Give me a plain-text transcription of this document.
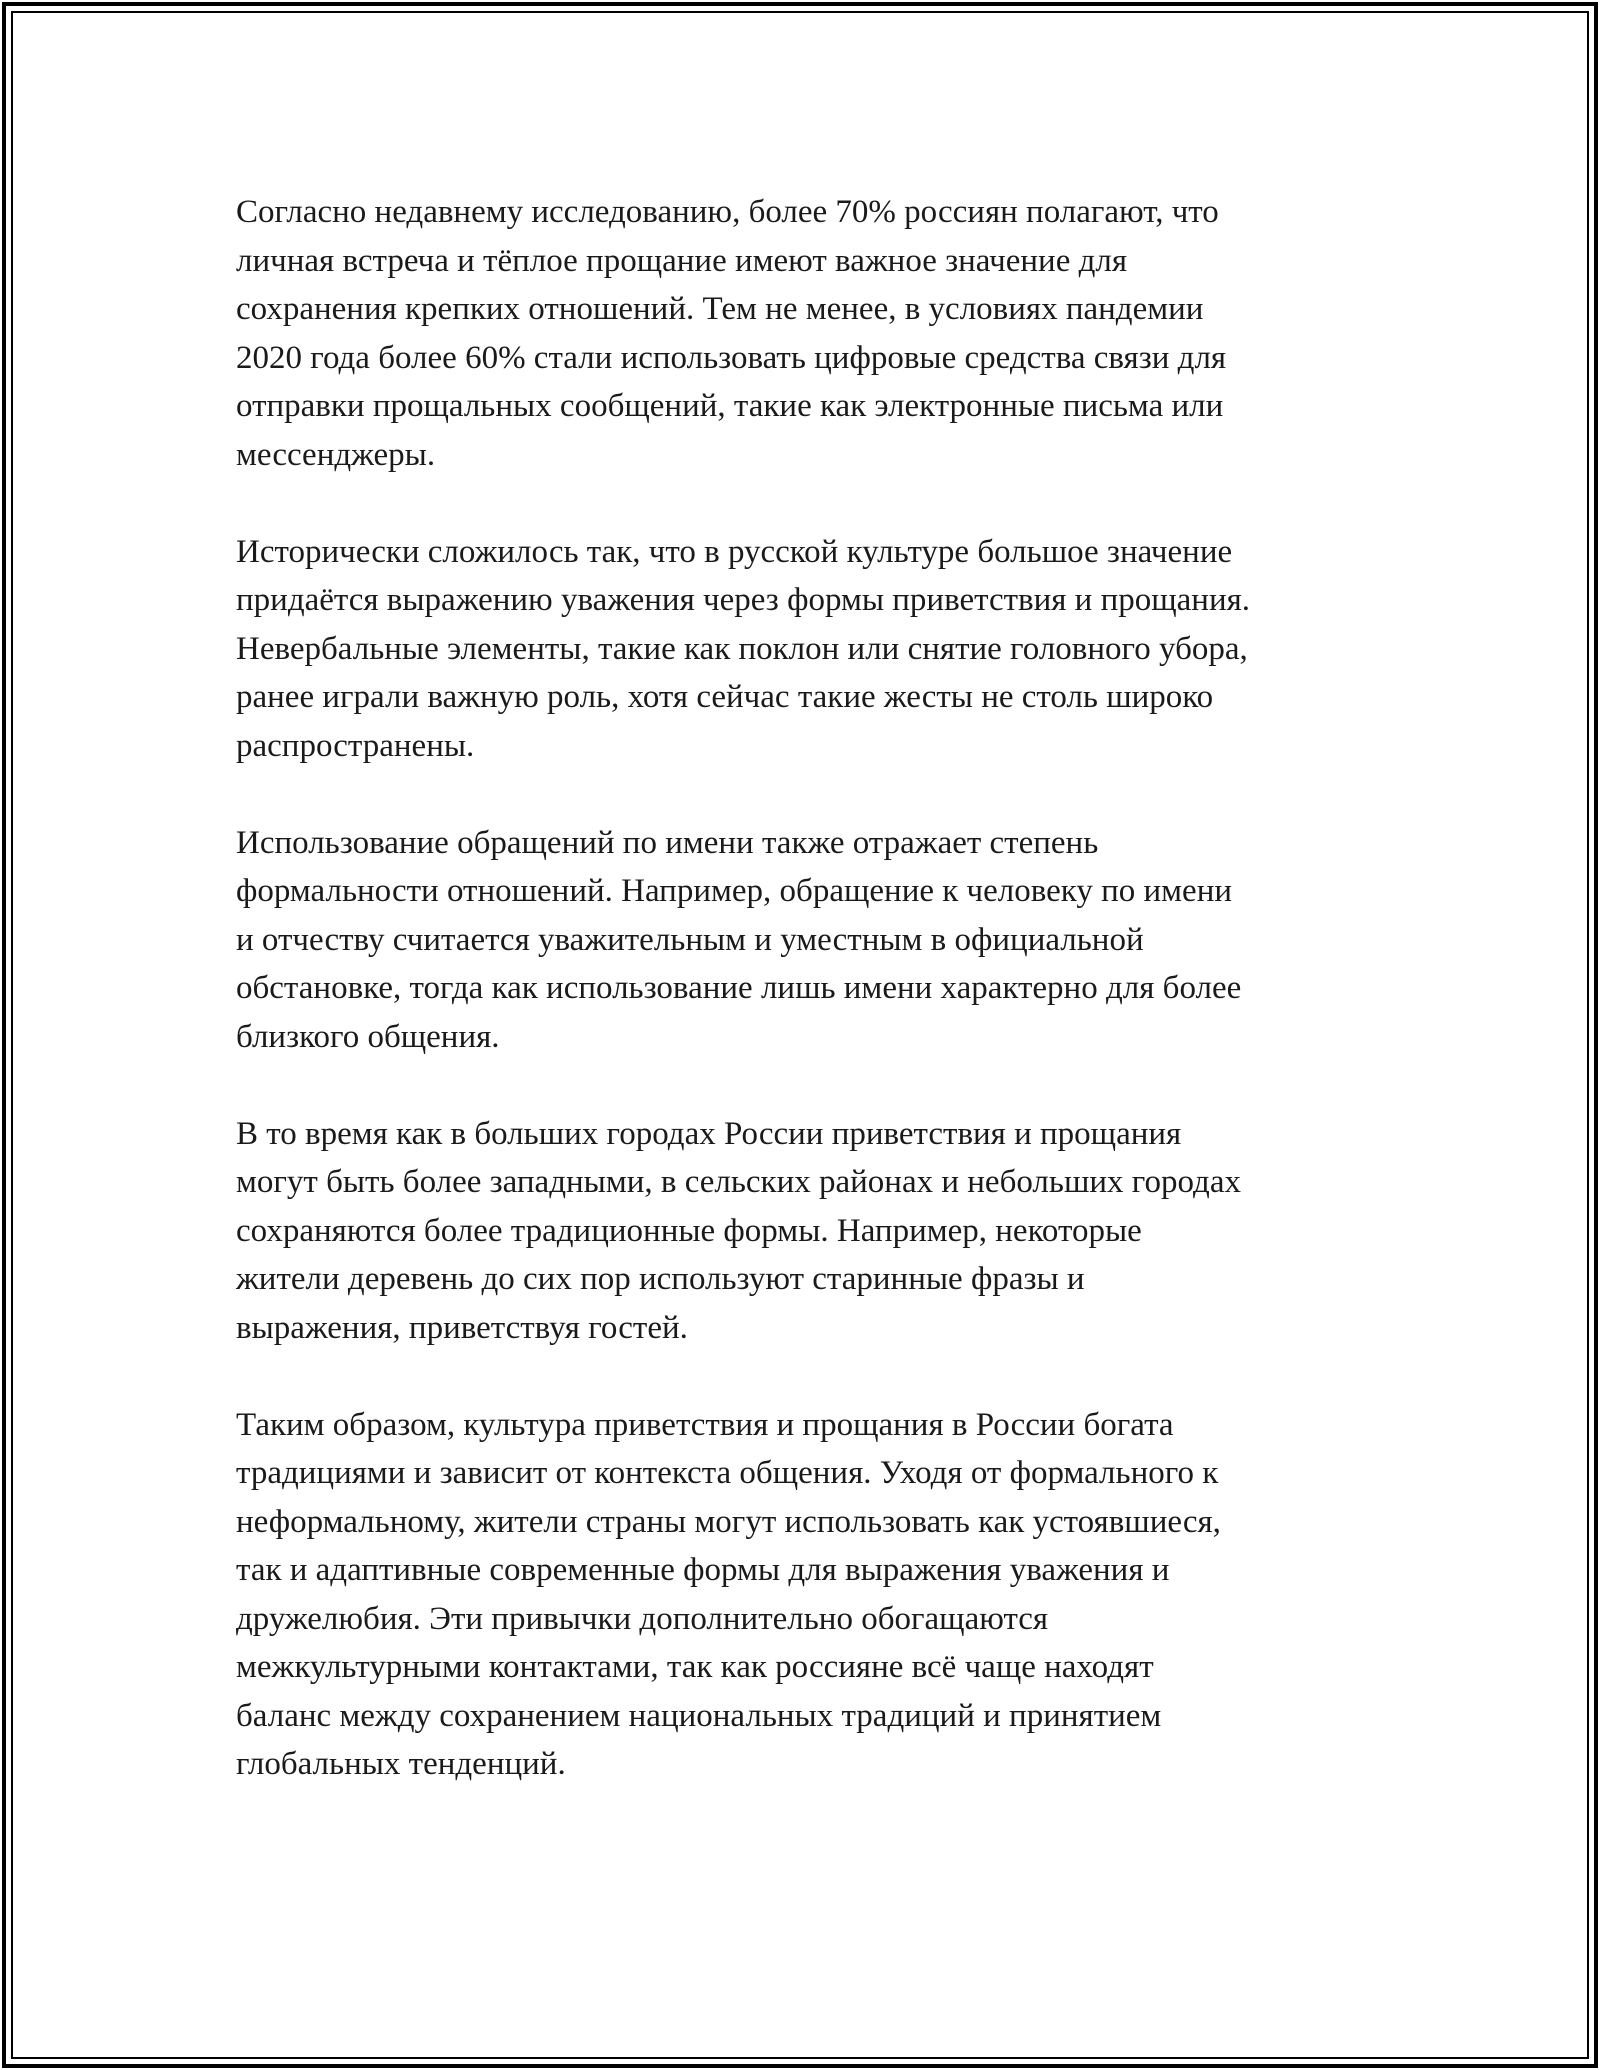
Согласно недавнему исследованию, более 70% россиян полагают, что
личная встреча и тёплое прощание имеют важное значение для
сохранения крепких отношений. Тем не менее, в условиях пандемии
2020 года более 60% стали использовать цифровые средства связи для
отправки прощальных сообщений, такие как электронные письма или
мессенджеры.

Исторически сложилось так, что в русской культуре большое значение
придаётся выражению уважения через формы приветствия и прощания.
Невербальные элементы, такие как поклон или снятие головного убора,
ранее играли важную роль, хотя сейчас такие жесты не столь широко
распространены.

Использование обращений по имени также отражает степень
формальности отношений. Например, обращение к человеку по имени
и отчеству считается уважительным и уместным в официальной
обстановке, тогда как использование лишь имени характерно для более
близкого общения.

В то время как в больших городах России приветствия и прощания
могут быть более западными, в сельских районах и небольших городах
сохраняются более традиционные формы. Например, некоторые
жители деревень до сих пор используют старинные фразы и
выражения, приветствуя гостей.

Таким образом, культура приветствия и прощания в России богата
традициями и зависит от контекста общения. Уходя от формального к
неформальному, жители страны могут использовать как устоявшиеся,
так и адаптивные современные формы для выражения уважения и
дружелюбия. Эти привычки дополнительно обогащаются
межкультурными контактами, так как россияне всё чаще находят
баланс между сохранением национальных традиций и принятием
глобальных тенденций.
